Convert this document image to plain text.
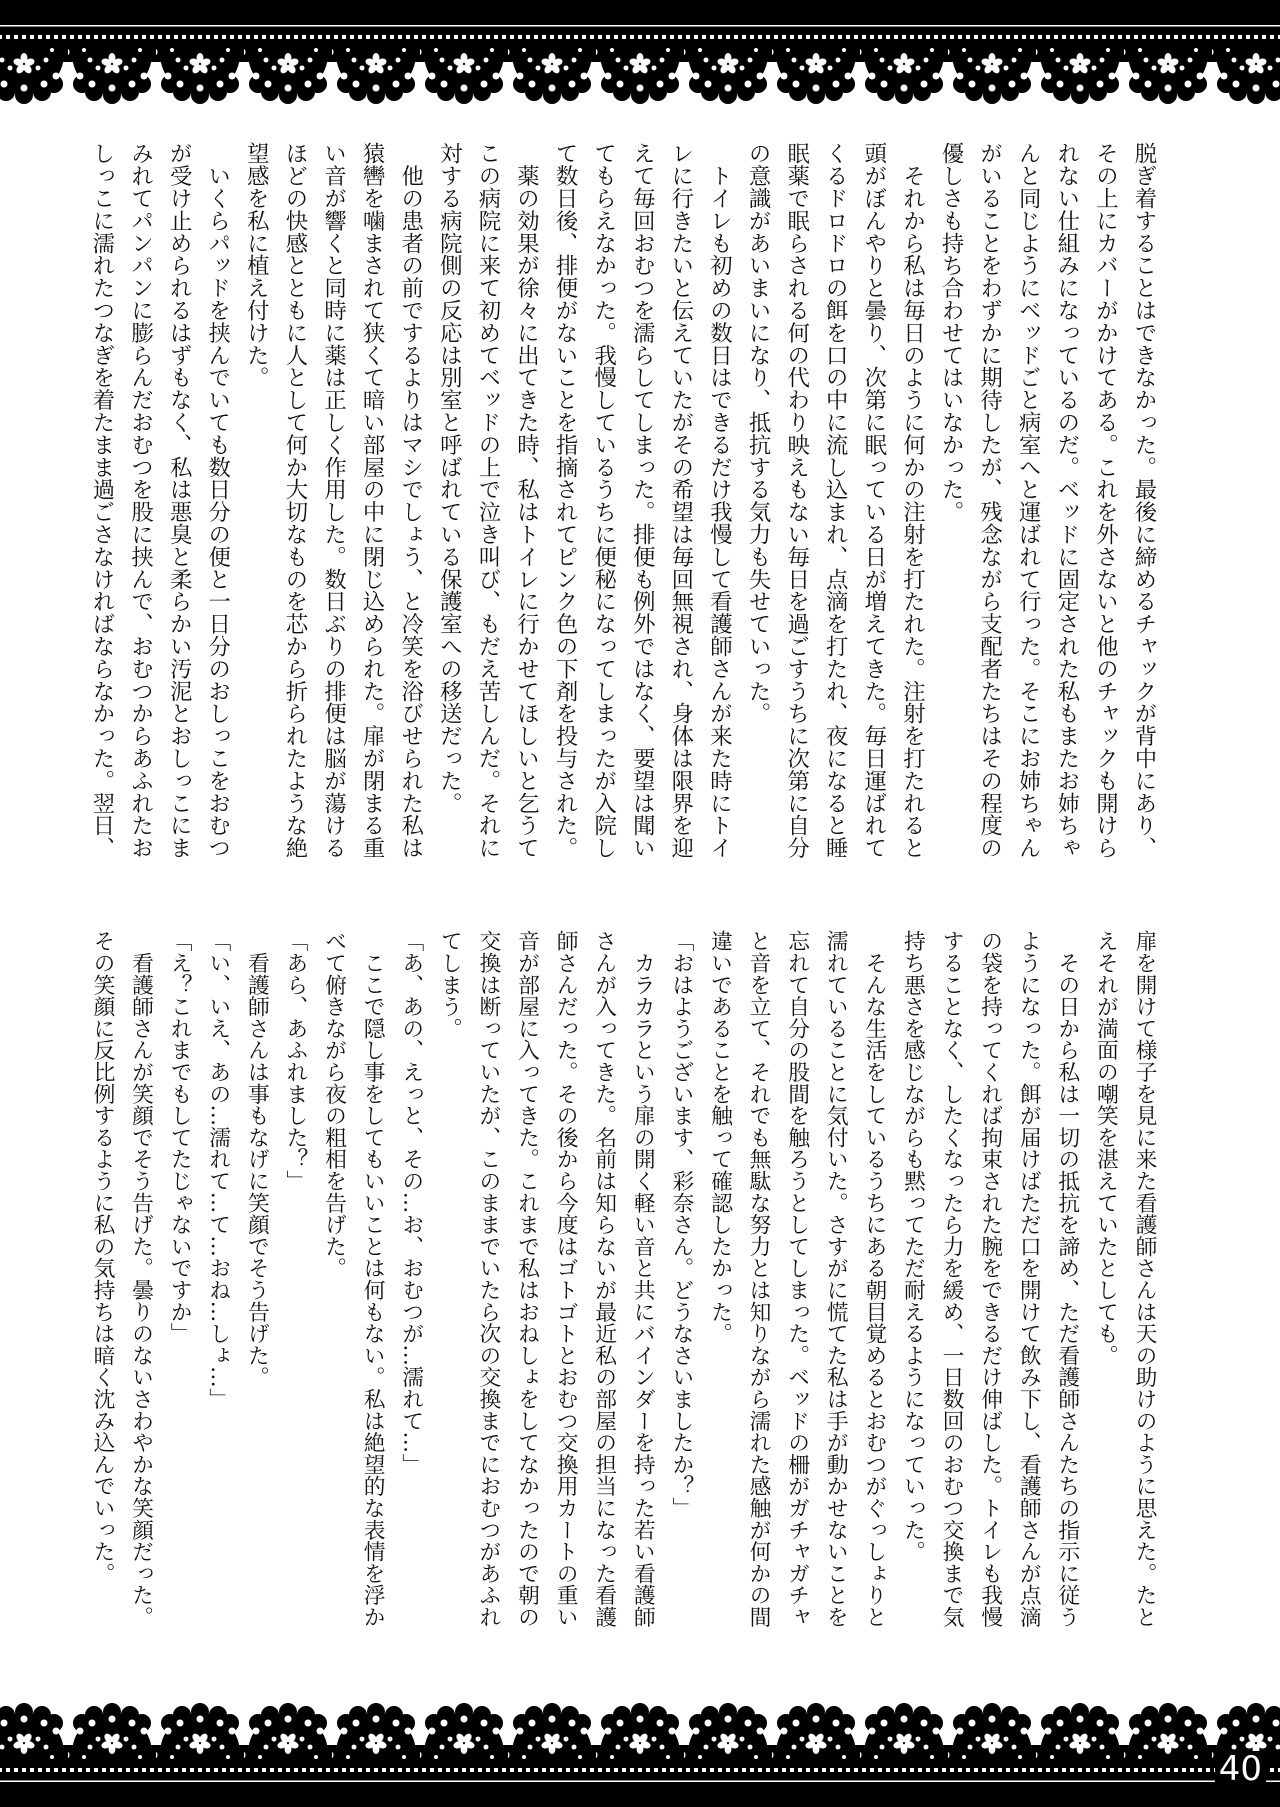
脱ぎ着することはできなかった。最後に締めるチャックが背中にあり、
その上にカバーがかけてある。これを外さないと他のチャックも開けら
れない仕組みになっているのだ。ベッドに固定された私もまたお姉ちゃ
んと同じようにベッドごと病室へと運ばれて行った。そこにお姉ちゃん
がいることをわずかに期待したが、残念ながら支配者たちはその程度の
優しさも持ち合わせてはいなかった。
　それから私は毎日のように何かの注射を打たれた。注射を打たれると
頭がぼんやりと曇り、次第に眠っている日が増えてきた。毎日運ばれて
くるドロドロの餌を口の中に流し込まれ、点滴を打たれ、夜になると睡
眠薬で眠らされる何の代わり映えもない毎日を過ごすうちに次第に自分
の意識があいまいになり、抵抗する気力も失せていった。
　トイレも初めの数日はできるだけ我慢して看護師さんが来た時にトイ
レに行きたいと伝えていたがその希望は毎回無視され、身体は限界を迎
えて毎回おむつを濡らしてしまった。排便も例外ではなく、要望は聞い
てもらえなかった。我慢しているうちに便秘になってしまったが入院し
て数日後、排便がないことを指摘されてピンク色の下剤を投与された。
　薬の効果が徐々に出てきた時、私はトイレに行かせてほしいと乞うて
この病院に来て初めてベッドの上で泣き叫び、もだえ苦しんだ。それに
対する病院側の反応は別室と呼ばれている保護室への移送だった。
　他の患者の前でするよりはマシでしょう、と冷笑を浴びせられた私は
猿轡を噛まされて狭くて暗い部屋の中に閉じ込められた。扉が閉まる重
い音が響くと同時に薬は正しく作用した。数日ぶりの排便は脳が蕩ける
ほどの快感とともに人として何か大切なものを芯から折られたような絶
望感を私に植え付けた。
　いくらパッドを挟んでいても数日分の便と一日分のおしっこをおむつ
が受け止められるはずもなく、私は悪臭と柔らかい汚泥とおしっこにま
みれてパンパンに膨らんだおむつを股に挟んで、おむつからあふれたお
しっこに濡れたつなぎを着たまま過ごさなければならなかった。翌日、
扉を開けて様子を見に来た看護師さんは天の助けのように思えた。たと
えそれが満面の嘲笑を湛えていたとしても。
　その日から私は一切の抵抗を諦め、ただ看護師さんたちの指示に従う
ようになった。餌が届けばただ口を開けて飲み下し、看護師さんが点滴
の袋を持ってくれば拘束された腕をできるだけ伸ばした。トイレも我慢
することなく、したくなったら力を緩め、一日数回のおむつ交換まで気
持ち悪さを感じながらも黙ってただ耐えるようになっていった。
　そんな生活をしているうちにある朝目覚めるとおむつがぐっしょりと
濡れていることに気付いた。さすがに慌てた私は手が動かせないことを
忘れて自分の股間を触ろうとしてしまった。ベッドの柵がガチャガチャ
と音を立て、それでも無駄な努力とは知りながら濡れた感触が何かの間
違いであることを触って確認したかった。
「おはようございます、彩奈さん。どうなさいましたか？」
　カラカラという扉の開く軽い音と共にバインダーを持った若い看護師
さんが入ってきた。名前は知らないが最近私の部屋の担当になった看護
師さんだった。その後から今度はゴトゴトとおむつ交換用カートの重い
音が部屋に入ってきた。これまで私はおねしょをしてなかったので朝の
交換は断っていたが、このままでいたら次の交換までにおむつがあふれ
てしまう。
「あ、あの、えっと、その…お、おむつが…濡れて…」
　ここで隠し事をしてもいいことは何もない。私は絶望的な表情を浮か
べて俯きながら夜の粗相を告げた。
「あら、あふれました？」
　看護師さんは事もなげに笑顔でそう告げた。
「い、いえ、あの…濡れて…て…おね…しょ…」
「え？これまでもしてたじゃないですか」
　看護師さんが笑顔でそう告げた。曇りのないさわやかな笑顔だった。
その笑顔に反比例するように私の気持ちは暗く沈み込んでいった。
40
